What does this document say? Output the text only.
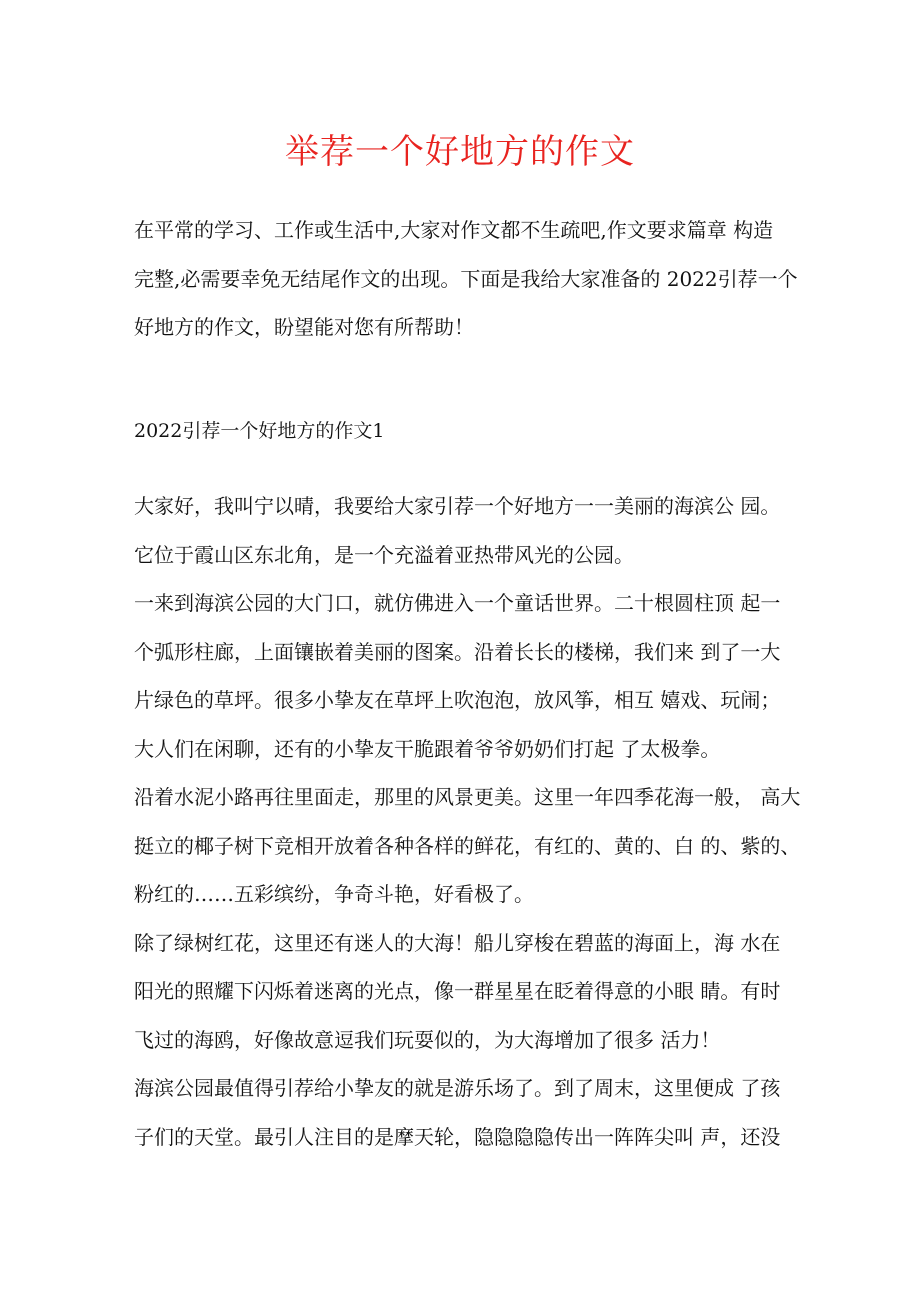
举荐一个好地方的作文

在平常的学习、工作或生活中,大家对作文都不生疏吧,作文要求篇章 构造

完整,必需要幸免无结尾作文的出现。下面是我给大家准备的 2022引荐一个

好地方的作文，盼望能对您有所帮助！

2022引荐一个好地方的作文1

大家好，我叫宁以晴，我要给大家引荐一个好地方一一美丽的海滨公 园。

它位于霞山区东北角，是一个充溢着亚热带风光的公园。

一来到海滨公园的大门口，就仿佛进入一个童话世界。二十根圆柱顶 起一

个弧形柱廊，上面镶嵌着美丽的图案。沿着长长的楼梯，我们来 到了一大

片绿色的草坪。很多小挚友在草坪上吹泡泡，放风筝，相互 嬉戏、玩闹；

大人们在闲聊，还有的小挚友干脆跟着爷爷奶奶们打起 了太极拳。

沿着水泥小路再往里面走，那里的风景更美。这里一年四季花海一般， 高大

挺立的椰子树下竞相开放着各种各样的鲜花，有红的、黄的、白 的、紫的、

粉红的……五彩缤纷，争奇斗艳，好看极了。

除了绿树红花，这里还有迷人的大海！船儿穿梭在碧蓝的海面上，海 水在

阳光的照耀下闪烁着迷离的光点，像一群星星在眨着得意的小眼 睛。有时

飞过的海鸥，好像故意逗我们玩耍似的，为大海增加了很多 活力！

海滨公园最值得引荐给小挚友的就是游乐场了。到了周末，这里便成 了孩

子们的天堂。最引人注目的是摩天轮，隐隐隐隐传出一阵阵尖叫 声，还没
